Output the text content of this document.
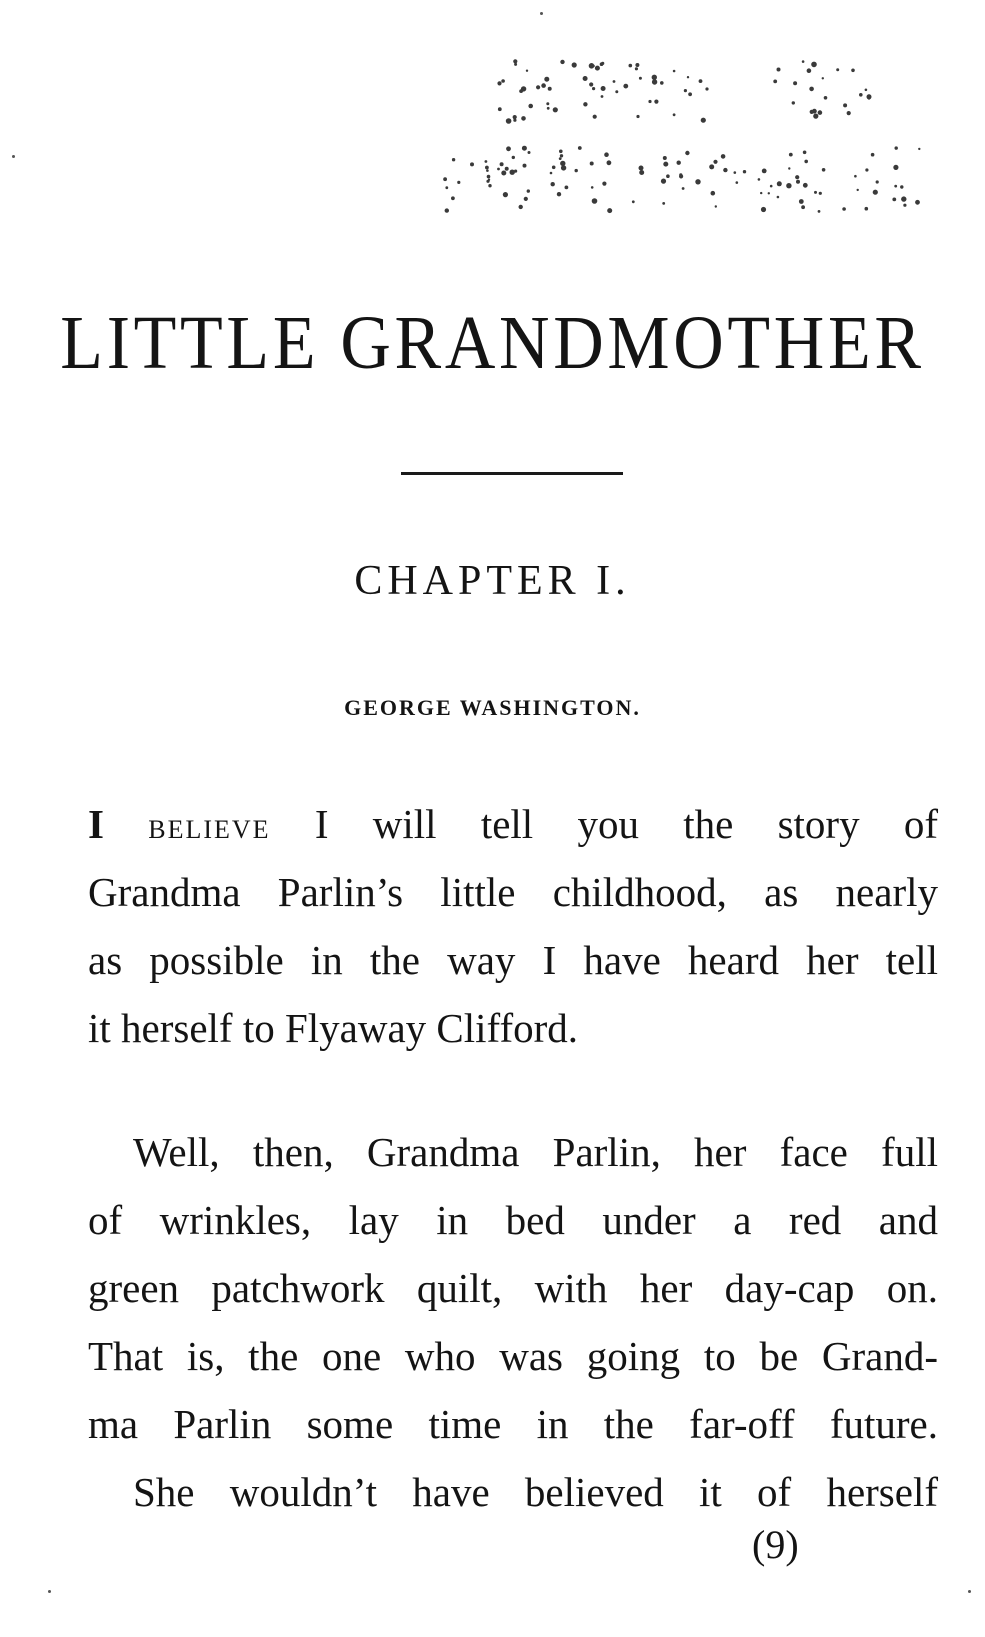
LITTLE GRANDMOTHER
CHAPTER I.
GEORGE WASHINGTON.
I BELIEVE I will tell you the story of
Grandma Parlin’s little childhood, as nearly
as possible in the way I have heard her tell
it herself to Flyaway Clifford.
Well, then, Grandma Parlin, her face full
of wrinkles, lay in bed under a red and
green patchwork quilt, with her day-cap on.
That is, the one who was going to be Grand-
ma Parlin some time in the far-off future.
She wouldn’t have believed it of herself
(9)
